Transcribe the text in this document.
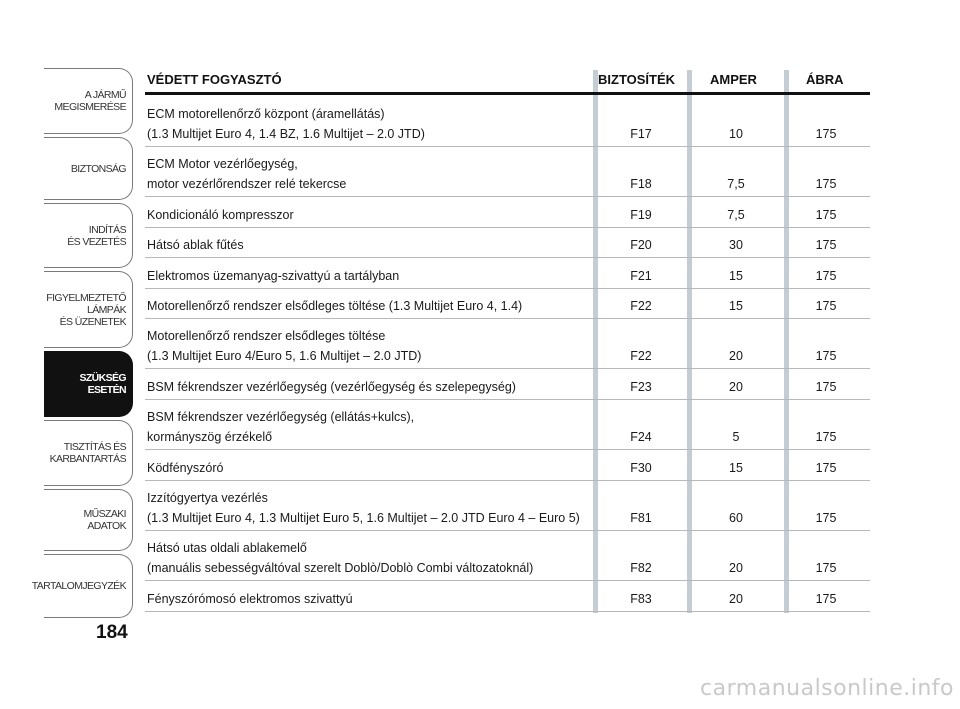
A JÁRMŰ
MEGISMERÉSE
BIZTONSÁG
INDÍTÁS
ÉS VEZETÉS
FIGYELMEZTETŐ
LÁMPÁK
ÉS ÜZENETEK
SZÜKSÉG
ESETÉN
TISZTÍTÁS ÉS
KARBANTARTÁS
MŰSZAKI
ADATOK
TARTALOMJEGYZÉK
184
VÉDETT FOGYASZTÓ	BIZTOSÍTÉK	AMPER	ÁBRA
ECM motorellenőrző központ (áramellátás)
(1.3 Multijet Euro 4, 1.4 BZ, 1.6 Multijet – 2.0 JTD)	F17	10	175
ECM Motor vezérlőegység,
motor vezérlőrendszer relé tekercse	F18	7,5	175
Kondicionáló kompresszor	F19	7,5	175
Hátsó ablak fűtés	F20	30	175
Elektromos üzemanyag-szivattyú a tartályban	F21	15	175
Motorellenőrző rendszer elsődleges töltése (1.3 Multijet Euro 4, 1.4)	F22	15	175
Motorellenőrző rendszer elsődleges töltése
(1.3 Multijet Euro 4/Euro 5, 1.6 Multijet – 2.0 JTD)	F22	20	175
BSM fékrendszer vezérlőegység (vezérlőegység és szelepegység)	F23	20	175
BSM fékrendszer vezérlőegység (ellátás+kulcs),
kormányszög érzékelő	F24	5	175
Ködfényszóró	F30	15	175
Izzítógyertya vezérlés
(1.3 Multijet Euro 4, 1.3 Multijet Euro 5, 1.6 Multijet – 2.0 JTD Euro 4 – Euro 5)	F81	60	175
Hátsó utas oldali ablakemelő
(manuális sebességváltóval szerelt Doblò/Doblò Combi változatoknál)	F82	20	175
Fényszórómosó elektromos szivattyú	F83	20	175
carmanualsonline.info
